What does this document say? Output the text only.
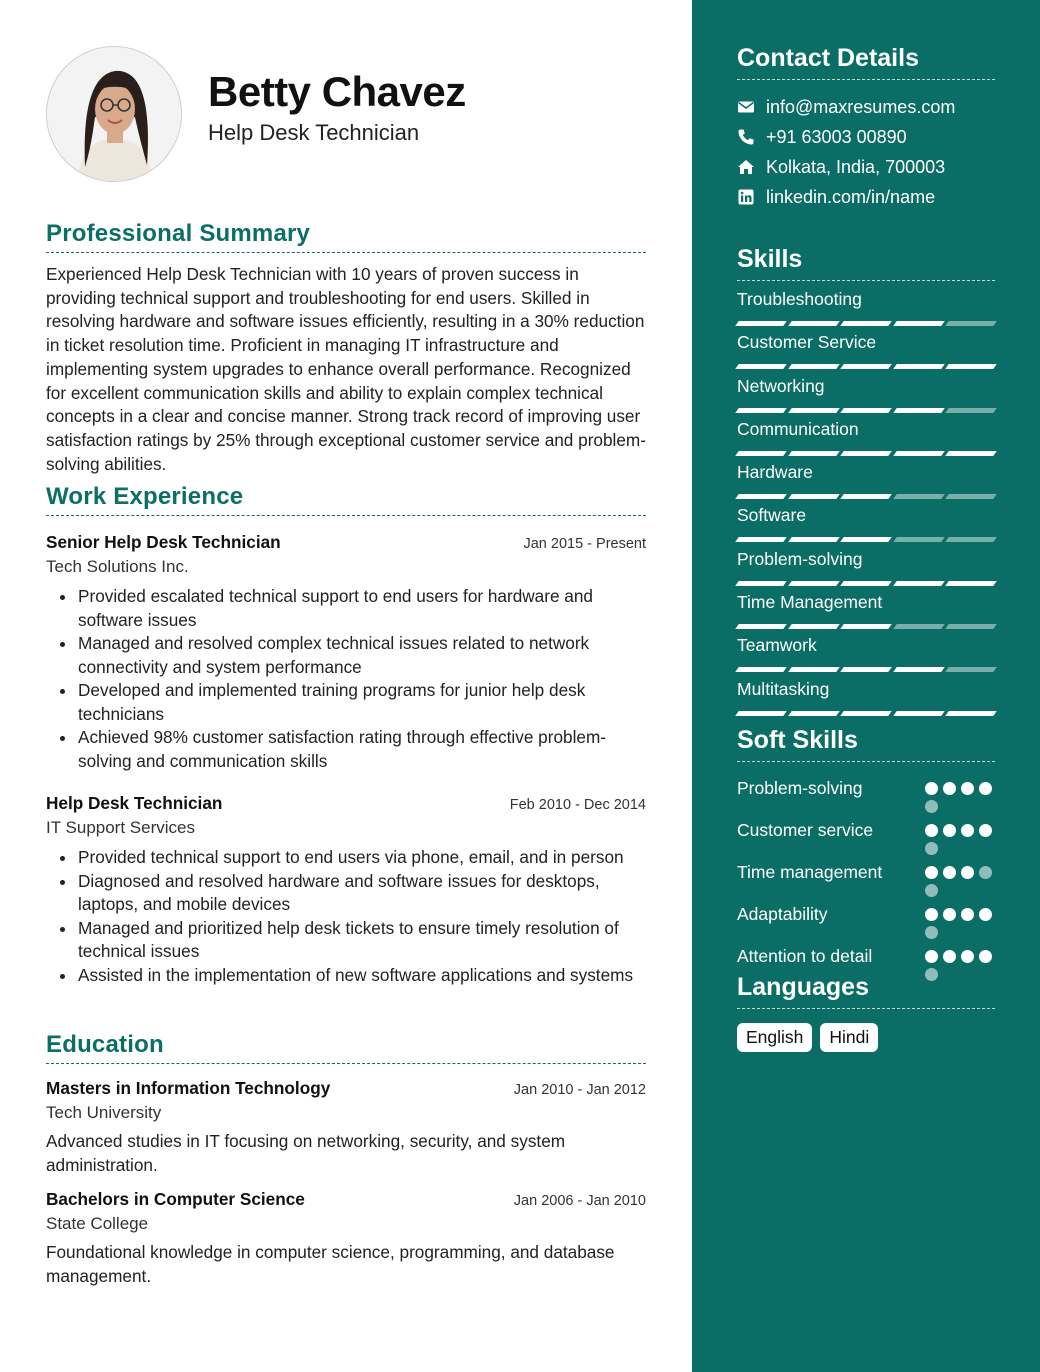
Betty Chavez
Help Desk Technician
Professional Summary

Experienced Help Desk Technician with 10 years of proven success in providing technical support and troubleshooting for end users. Skilled in resolving hardware and software issues efficiently, resulting in a 30% reduction in ticket resolution time. Proficient in managing IT infrastructure and implementing system upgrades to enhance overall performance. Recognized for excellent communication skills and ability to explain complex technical concepts in a clear and concise manner. Strong track record of improving user satisfaction ratings by 25% through exceptional customer service and problem-solving abilities.

Work Experience
Senior Help Desk Technician	Jan 2015 - Present
Tech Solutions Inc.
Provided escalated technical support to end users for hardware and software issues
Managed and resolved complex technical issues related to network connectivity and system performance
Developed and implemented training programs for junior help desk technicians
Achieved 98% customer satisfaction rating through effective problem-solving and communication skills
Help Desk Technician	Feb 2010 - Dec 2014
IT Support Services
Provided technical support to end users via phone, email, and in person
Diagnosed and resolved hardware and software issues for desktops, laptops, and mobile devices
Managed and prioritized help desk tickets to ensure timely resolution of technical issues
Assisted in the implementation of new software applications and systems
Education
Masters in Information Technology	Jan 2010 - Jan 2012
Tech University

Advanced studies in IT focusing on networking, security, and system administration.

Bachelors in Computer Science	Jan 2006 - Jan 2010
State College

Foundational knowledge in computer science, programming, and database management.

Contact Details
info@maxresumes.com
+91 63003 00890
Kolkata, India, 700003
linkedin.com/in/name
Skills
Troubleshooting
Customer Service
Networking
Communication
Hardware
Software
Problem-solving
Time Management
Teamwork
Multitasking
Soft Skills
Problem-solving
Customer service
Time management
Adaptability
Attention to detail
Languages
English	Hindi
